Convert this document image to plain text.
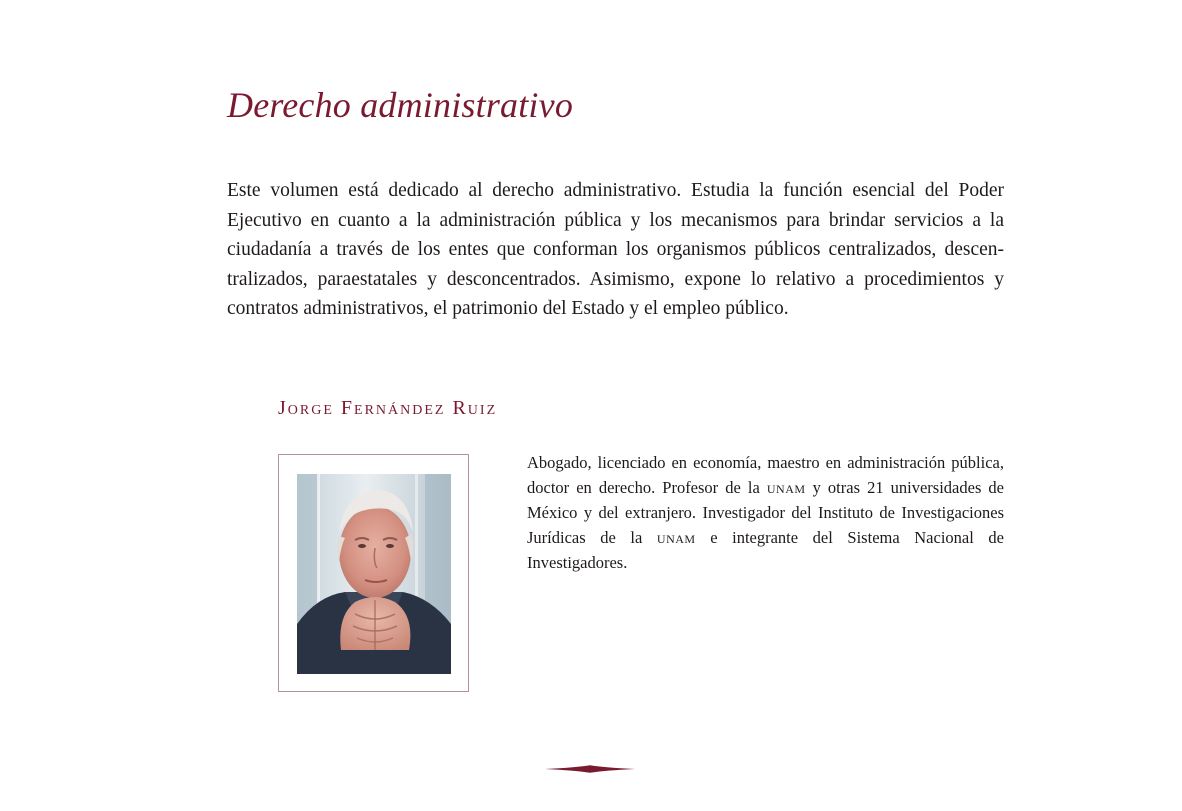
Derecho administrativo

Este volumen está dedicado al derecho administrativo. Estudia la función esencial del Poder Ejecutivo en cuanto a la administración pública y los mecanismos para brindar servicios a la ciudadanía a través de los entes que conforman los organismos públicos centralizados, descentralizados, paraestatales y desconcentrados. Asimismo, expone lo relativo a procedimientos y contratos administrativos, el patrimonio del Estado y el empleo público.

Jorge Fernández Ruiz

Abogado, licenciado en economía, maestro en administración pública, doctor en derecho. Profesor de la unam y otras 21 universidades de México y del extranjero. Investigador del Instituto de Investigaciones Jurídicas de la unam e integrante del Sistema Nacional de Investigadores.
